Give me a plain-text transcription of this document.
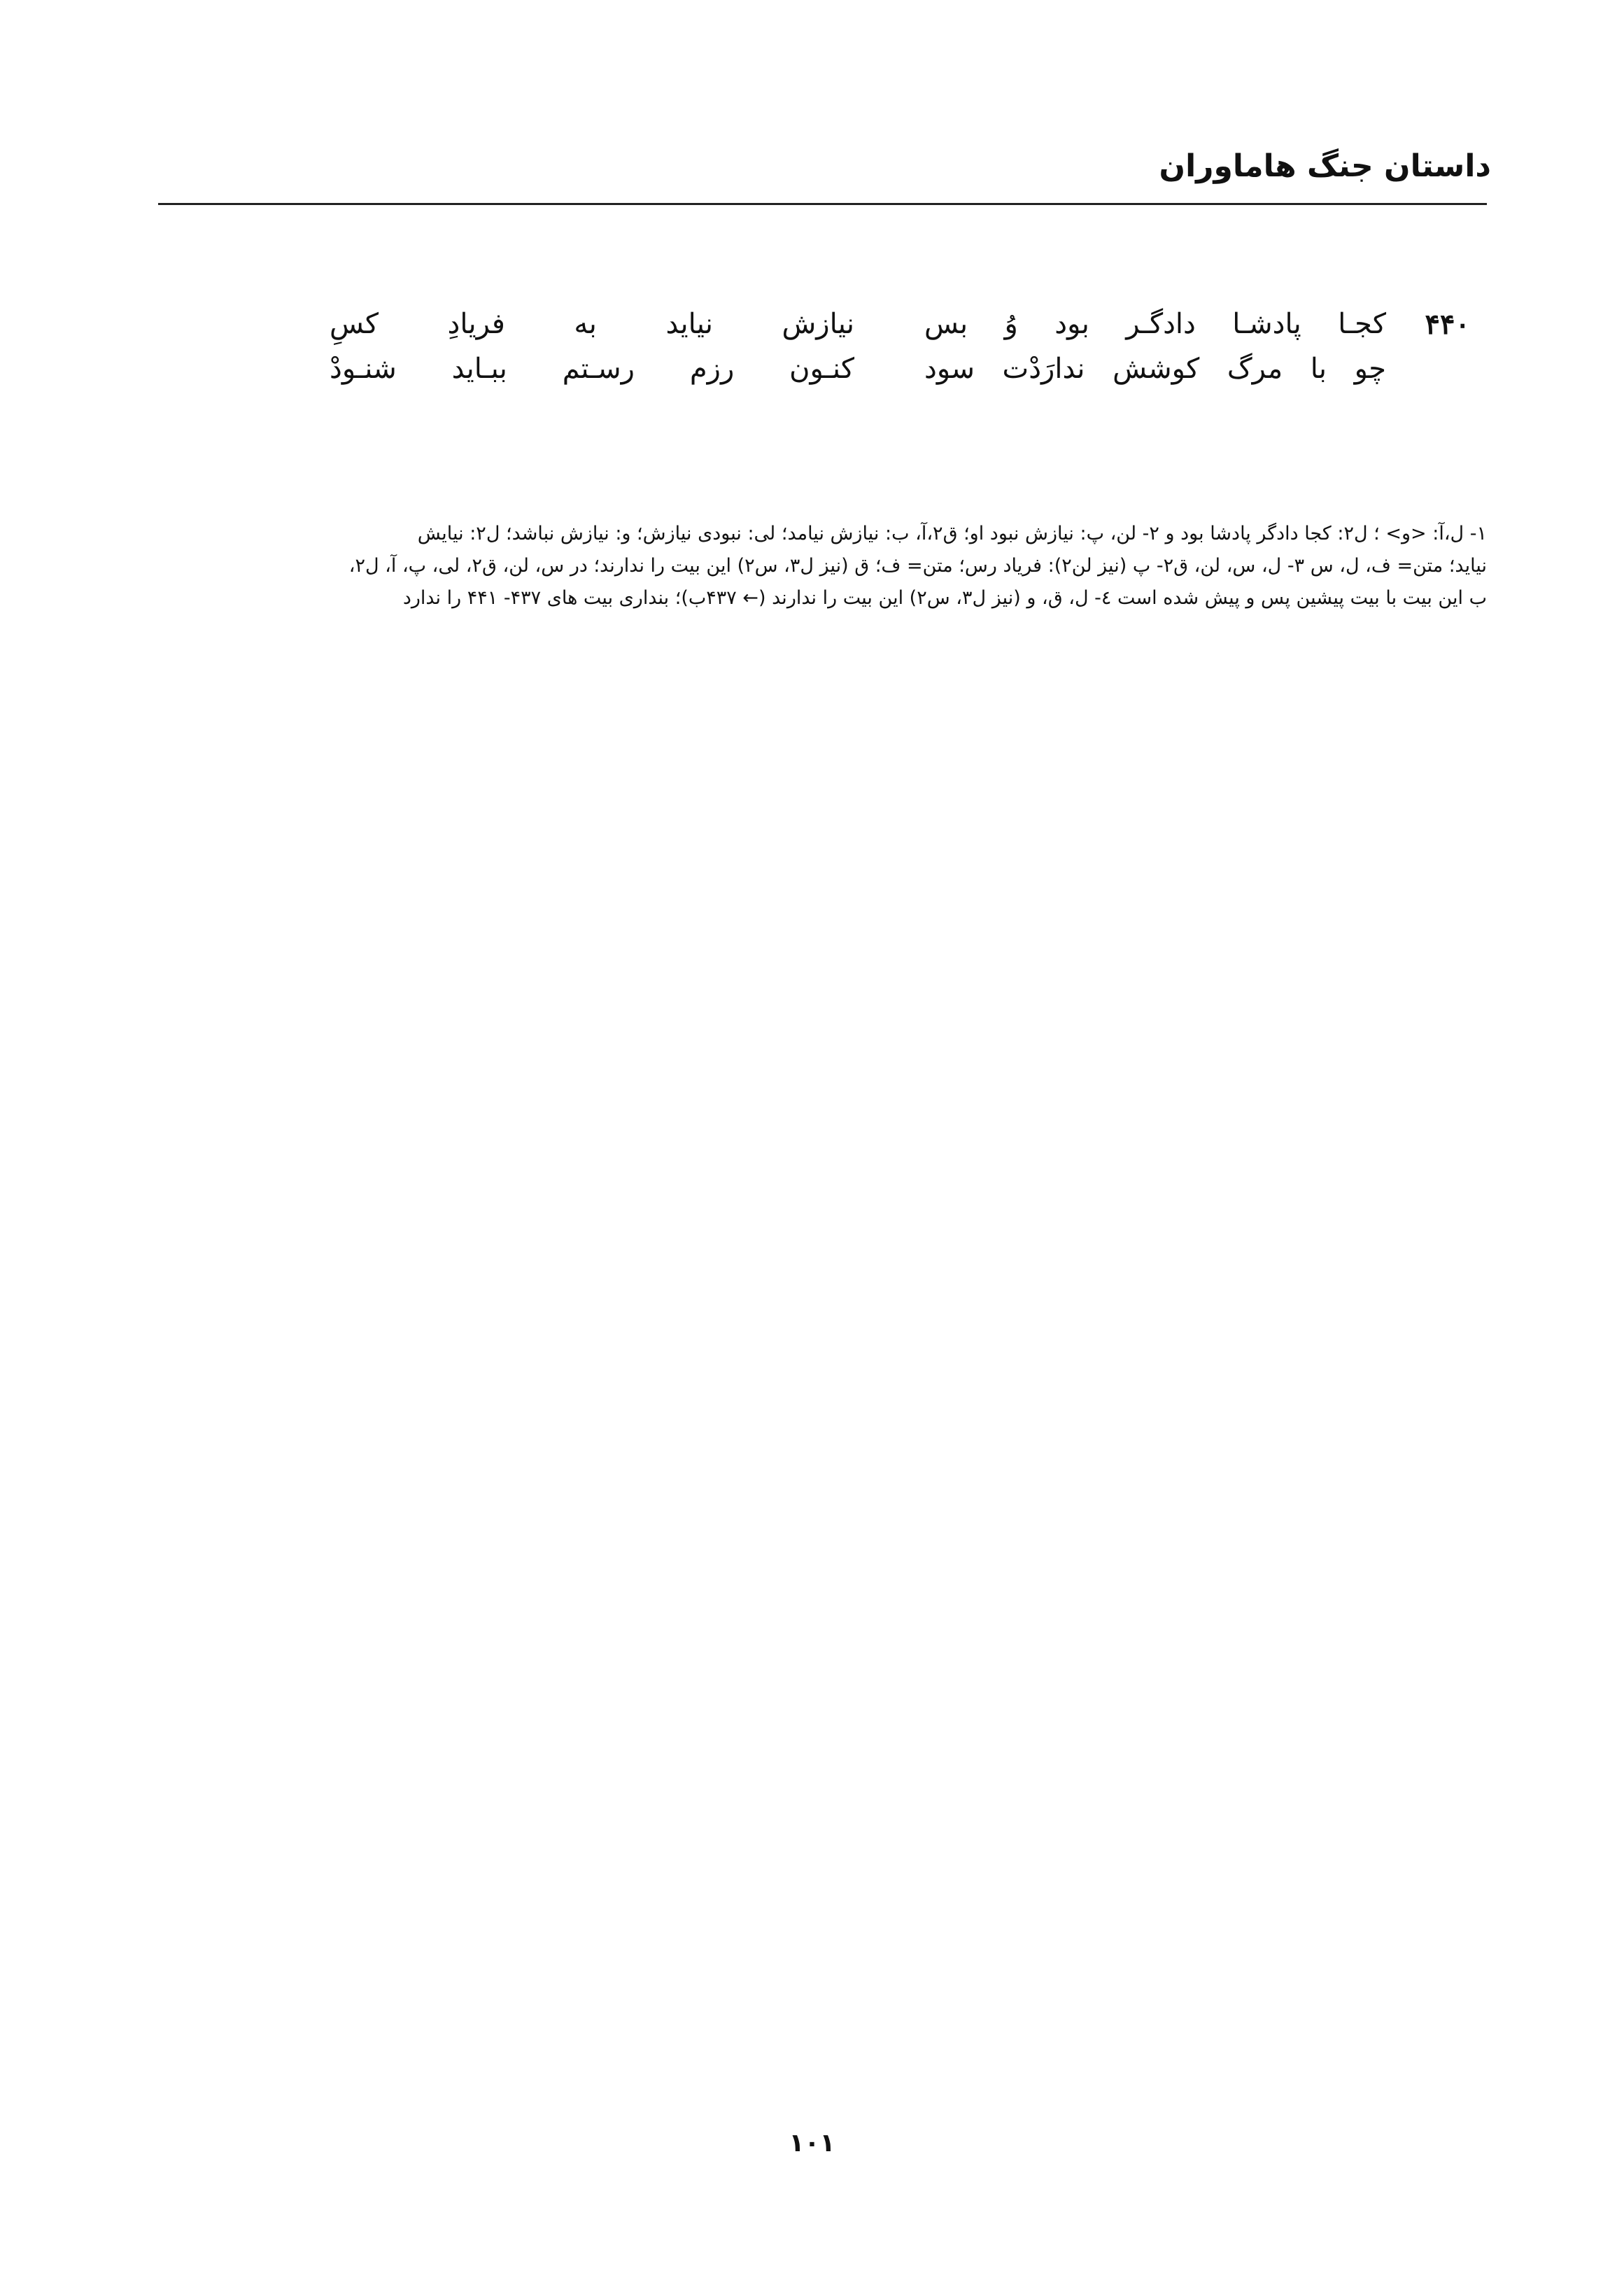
داستان جنگ هاماوران
۴۴۰
کجـا پادشـا دادگـر بود وُ بس
نیازش نیاید به فریادِ کسِ
چو با مرگ کوشش ندارَدْت سود
کنـون رزم رسـتم ببـاید شنـودْ
۱- ل،آ: <و> ؛ ل۲: کجا دادگر پادشا بود و ۲- لن، پ: نیازش نبود او؛ ق۲،آ، ب: نیازش نیامد؛ لی: نبودی نیازش؛ و: نیازش نباشد؛ ل۲: نیایش
نیاید؛ متن= ف، ل، س ۳- ل، س، لن، ق۲- پ (نیز لن۲): فریاد رس؛ متن= ف؛ ق (نیز ل۳، س۲) این بیت را ندارند؛ در س، لن، ق۲، لی، پ، آ، ل۲،
ب این بیت با بیت پیشین پس و پیش شده است ٤- ل، ق، و (نیز ل۳، س۲) این بیت را ندارند (← ۴۳۷ب)؛ بنداری بیت های ۴۳۷- ۴۴۱ را ندارد
۱۰۱
